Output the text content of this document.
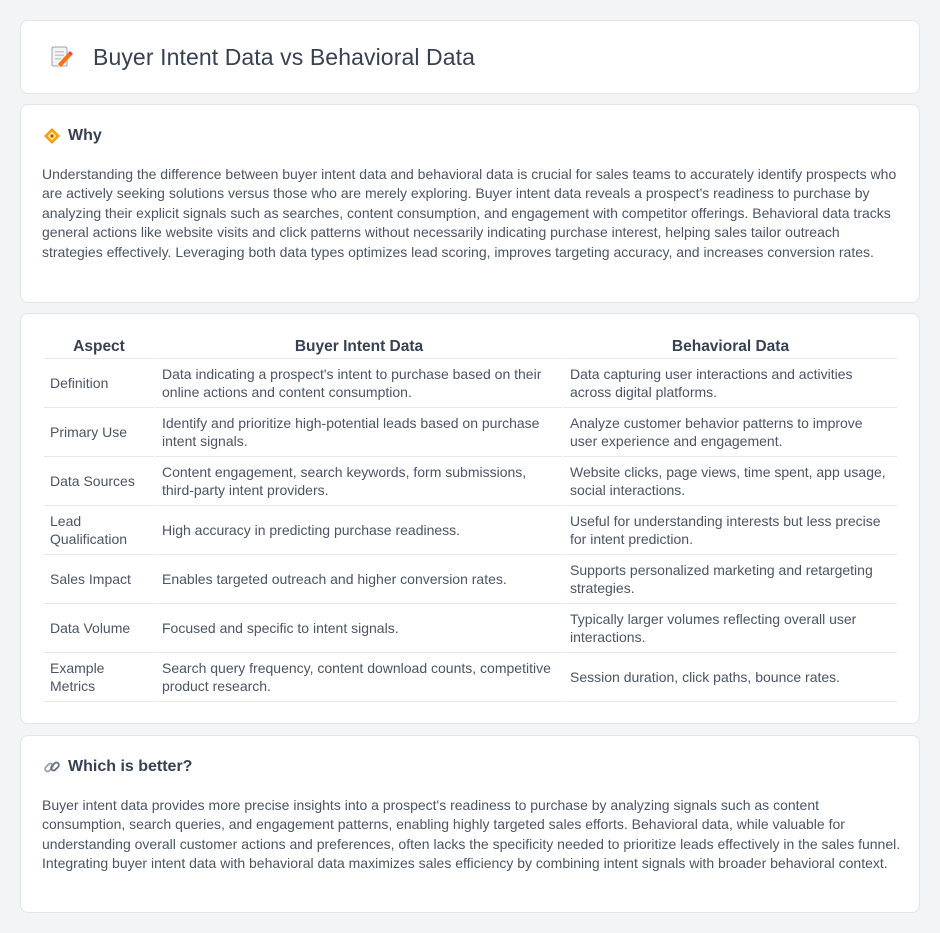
Buyer Intent Data vs Behavioral Data
Why

Understanding the difference between buyer intent data and behavioral data is crucial for sales teams to accurately identify prospects who are actively seeking solutions versus those who are merely exploring. Buyer intent data reveals a prospect's readiness to purchase by analyzing their explicit signals such as searches, content consumption, and engagement with competitor offerings. Behavioral data tracks general actions like website visits and click patterns without necessarily indicating purchase interest, helping sales tailor outreach strategies effectively. Leveraging both data types optimizes lead scoring, improves targeting accuracy, and increases conversion rates.

Aspect	Buyer Intent Data	Behavioral Data
Definition	Data indicating a prospect's intent to purchase based on their online actions and content consumption.	Data capturing user interactions and activities across digital platforms.
Primary Use	Identify and prioritize high-potential leads based on purchase intent signals.	Analyze customer behavior patterns to improve user experience and engagement.
Data Sources	Content engagement, search keywords, form submissions, third-party intent providers.	Website clicks, page views, time spent, app usage, social interactions.
Lead Qualification	High accuracy in predicting purchase readiness.	Useful for understanding interests but less precise for intent prediction.
Sales Impact	Enables targeted outreach and higher conversion rates.	Supports personalized marketing and retargeting strategies.
Data Volume	Focused and specific to intent signals.	Typically larger volumes reflecting overall user interactions.
Example Metrics	Search query frequency, content download counts, competitive product research.	Session duration, click paths, bounce rates.
Which is better?

Buyer intent data provides more precise insights into a prospect's readiness to purchase by analyzing signals such as content consumption, search queries, and engagement patterns, enabling highly targeted sales efforts. Behavioral data, while valuable for understanding overall customer actions and preferences, often lacks the specificity needed to prioritize leads effectively in the sales funnel. Integrating buyer intent data with behavioral data maximizes sales efficiency by combining intent signals with broader behavioral context.
